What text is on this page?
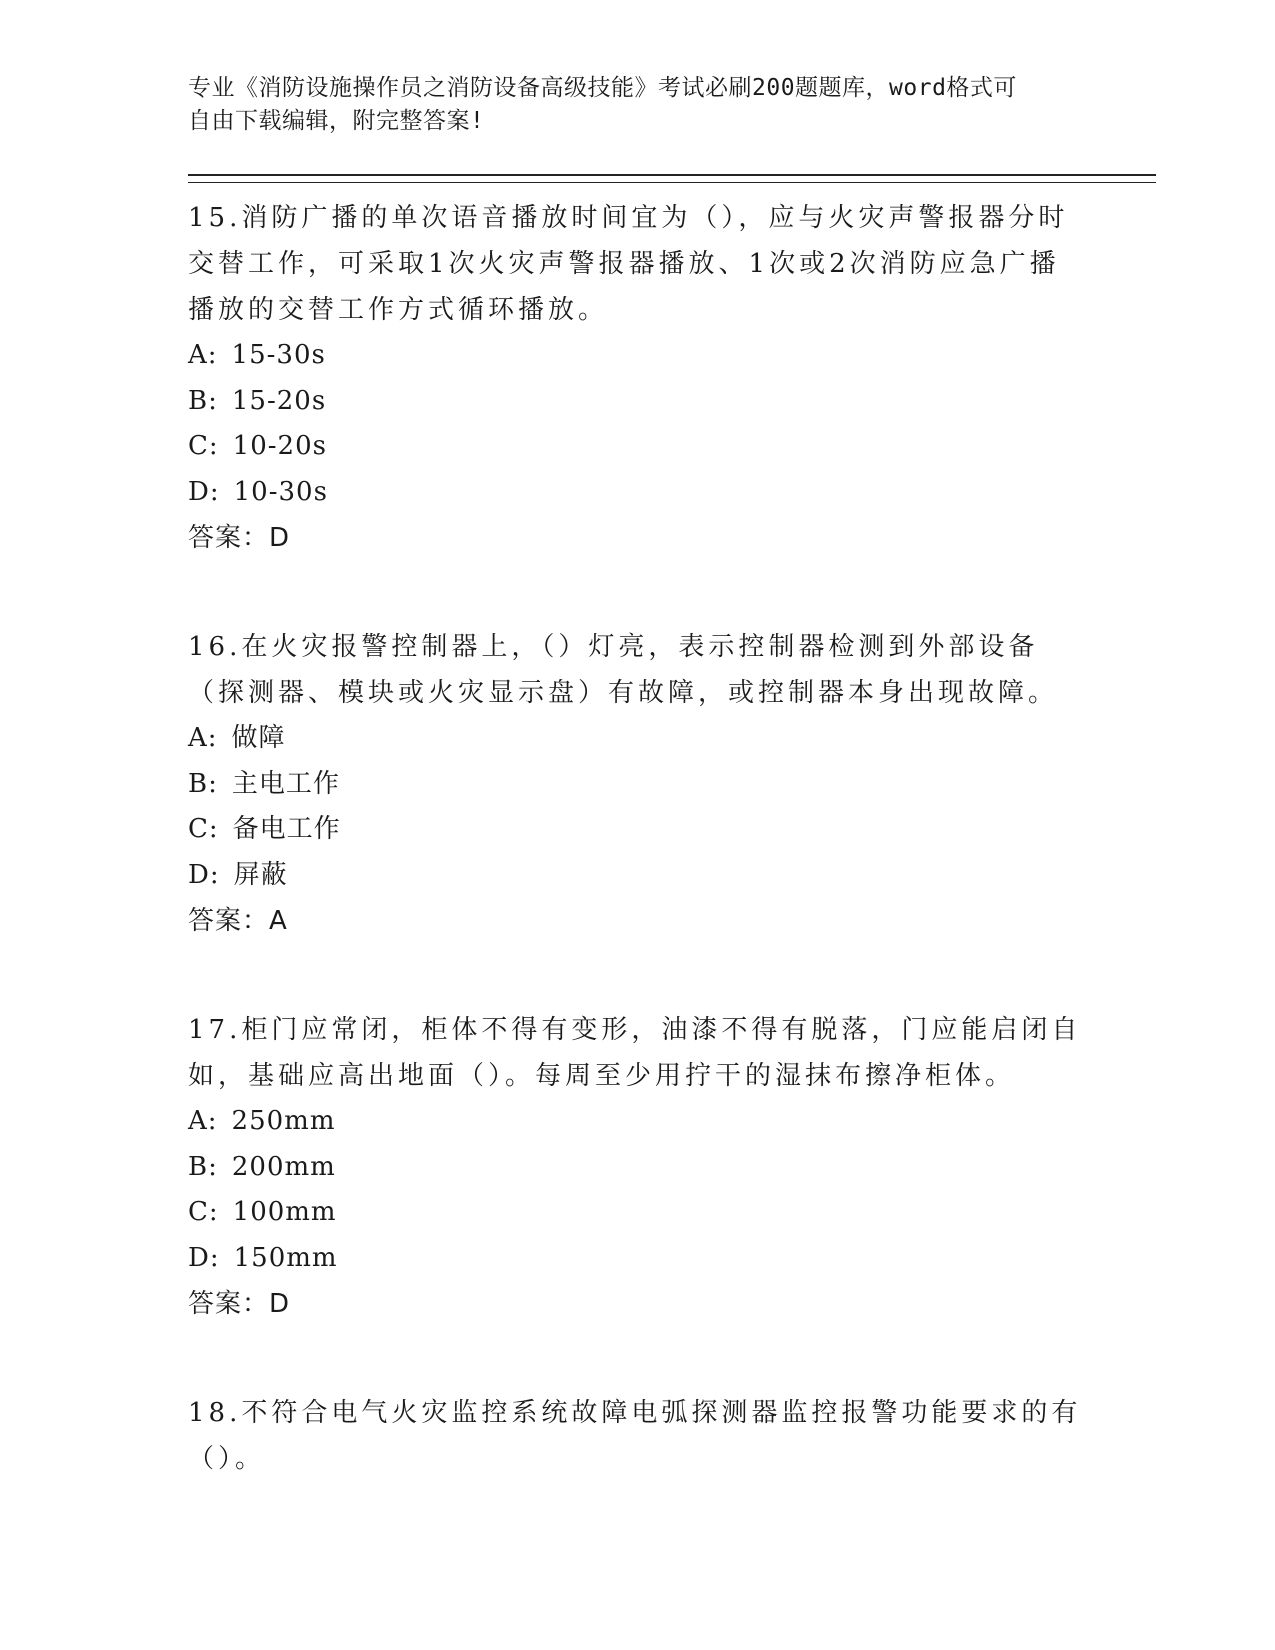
专业《消防设施操作员之消防设备高级技能》考试必刷200题题库，word格式可
自由下载编辑，附完整答案!
15.消防广播的单次语音播放时间宜为（），应与火灾声警报器分时交替工作，可采取1次火灾声警报器播放、1次或2次消防应急广播播放的交替工作方式循环播放。
A: 15-30s
B: 15-20s
C: 10-20s
D: 10-30s
答案：D
16.在火灾报警控制器上，（）灯亮，表示控制器检测到外部设备（探测器、模块或火灾显示盘）有故障，或控制器本身出现故障。
A: 做障
B: 主电工作
C: 备电工作
D: 屏蔽
答案：A
17.柜门应常闭，柜体不得有变形，油漆不得有脱落，门应能启闭自如，基础应高出地面（）。每周至少用拧干的湿抹布擦净柜体。
A: 250mm
B: 200mm
C: 100mm
D: 150mm
答案：D
18.不符合电气火灾监控系统故障电弧探测器监控报警功能要求的有（）。
